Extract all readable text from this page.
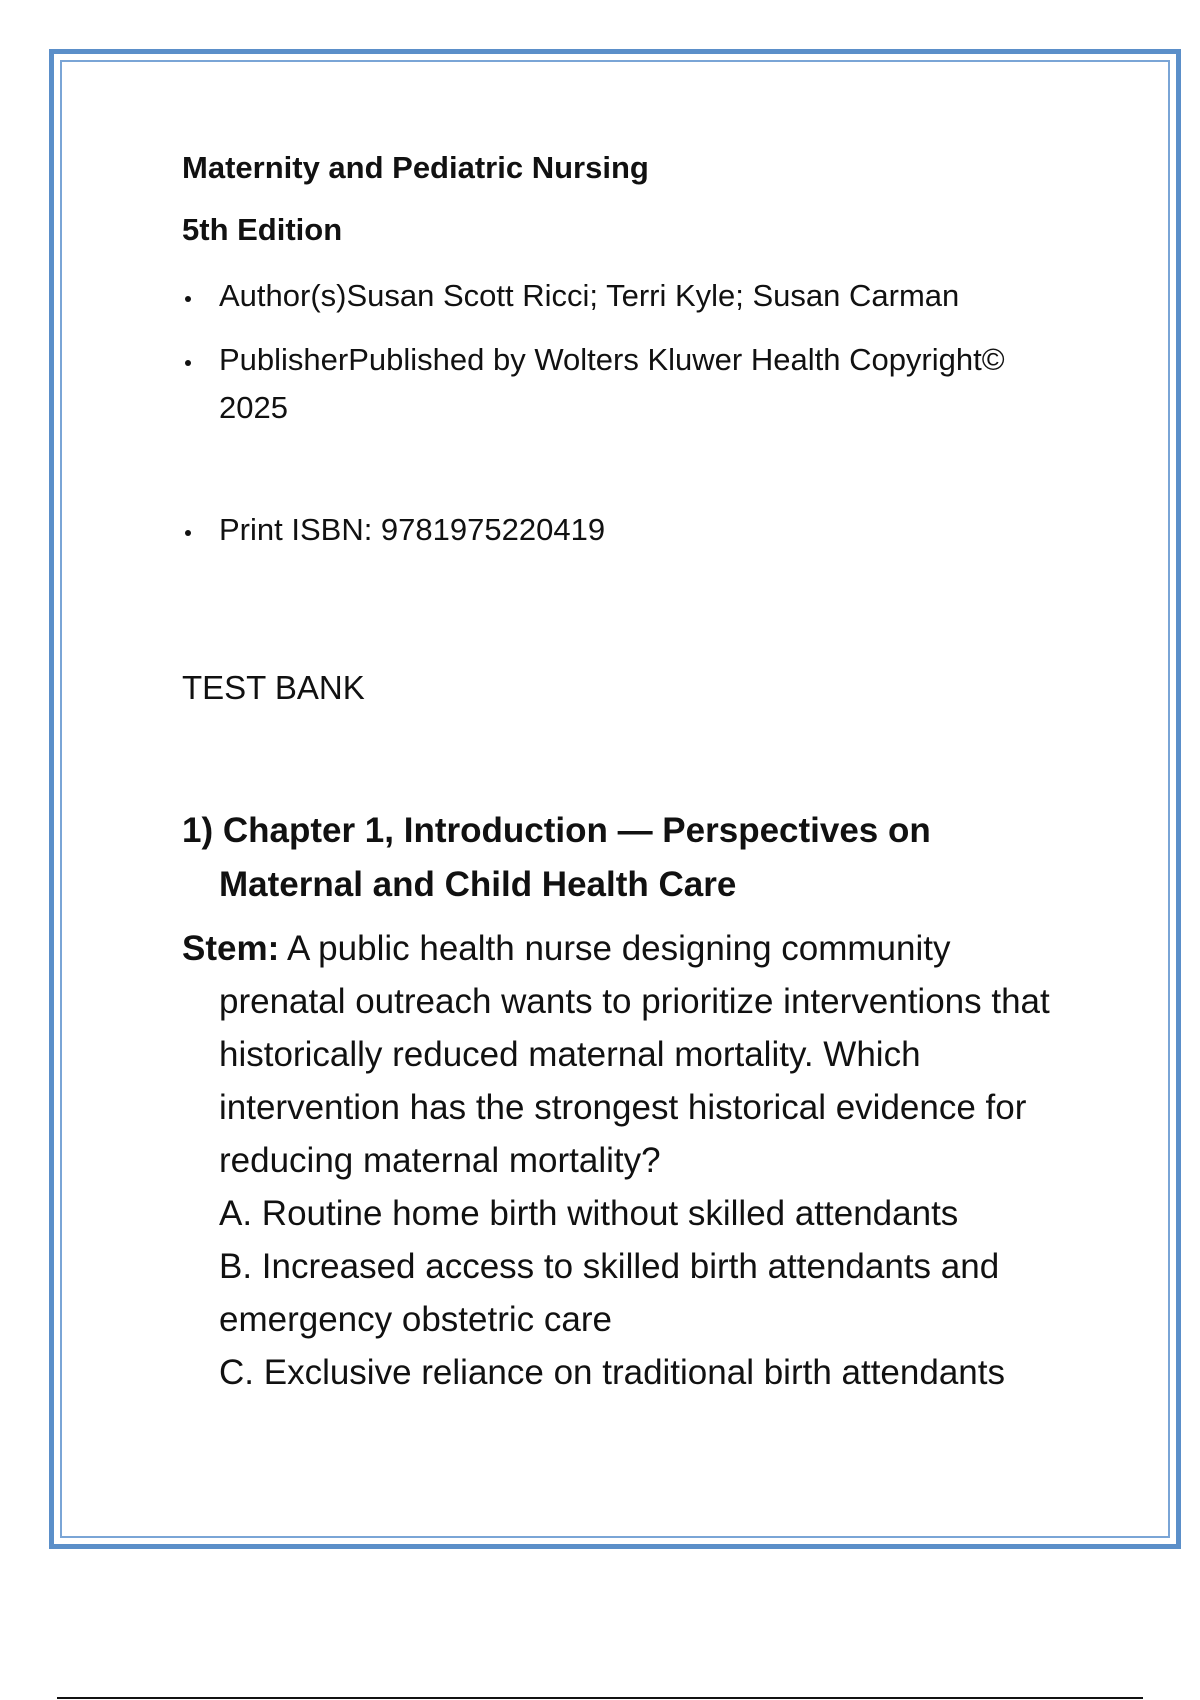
Maternity and Pediatric Nursing

5th Edition

Author(s)Susan Scott Ricci; Terri Kyle; Susan Carman
PublisherPublished by Wolters Kluwer Health Copyright© 2025
Print ISBN: 9781975220419

TEST BANK

1) Chapter 1, Introduction — Perspectives on Maternal and Child Health Care

Stem: A public health nurse designing community prenatal outreach wants to prioritize interventions that historically reduced maternal mortality. Which intervention has the strongest historical evidence for reducing maternal mortality?

A. Routine home birth without skilled attendants
B. Increased access to skilled birth attendants and emergency obstetric care
C. Exclusive reliance on traditional birth attendants
